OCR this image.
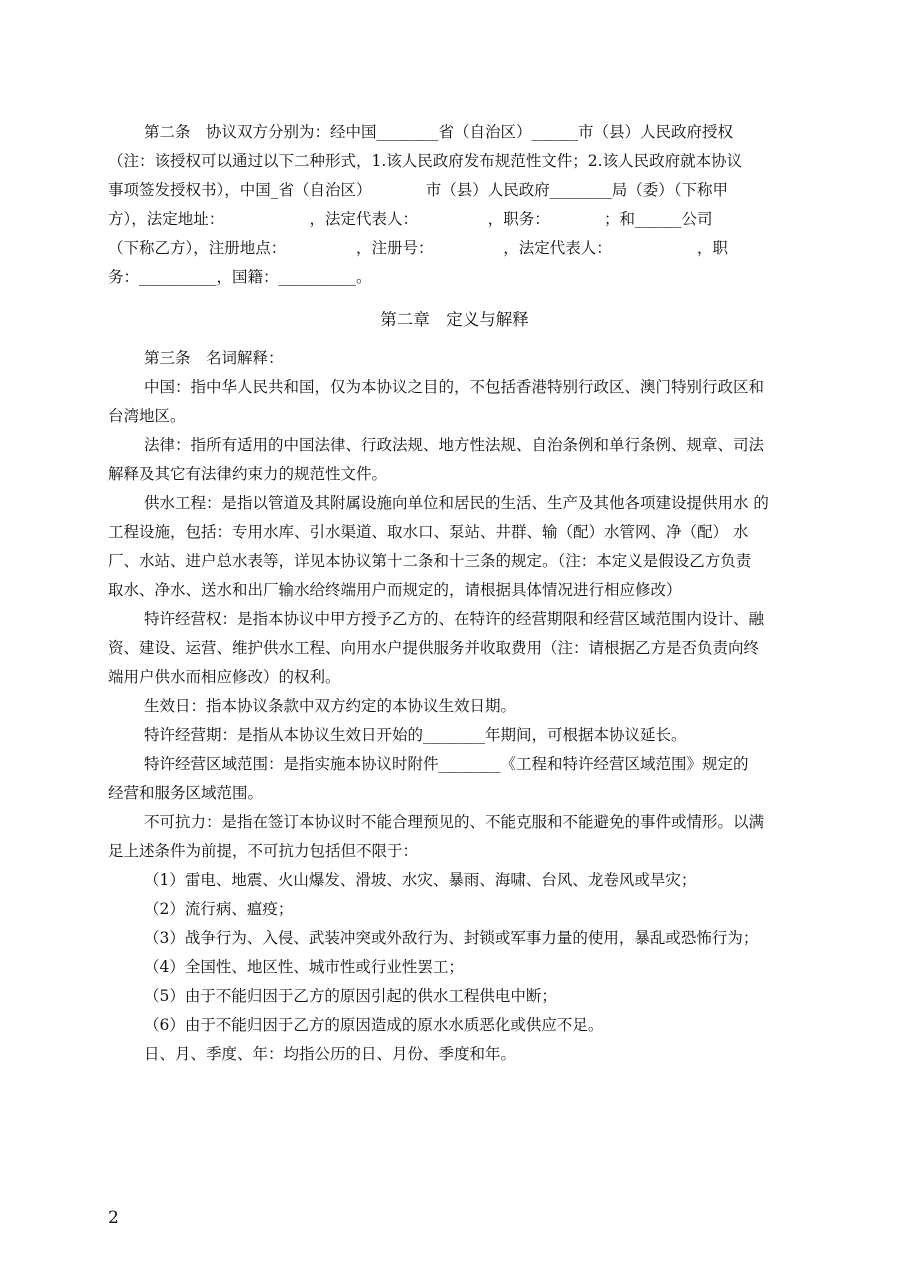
第二条　协议双方分别为：经中国________省（自治区）______市（县）人民政府授权

（注：该授权可以通过以下二种形式，1.该人民政府发布规范性文件；2.该人民政府就本协议

事项签发授权书），中国_省（自治区）　　　　市（县）人民政府________局（委）（下称甲

方），法定地址：　　　　　　，法定代表人：　　　　　，职务：　　　　；和______公司

（下称乙方），注册地点：　　　　　，注册号：　　　　　，法定代表人：　　　　　　，职

务：__________，国籍：__________。

第二章　定义与解释

第三条　名词解释：

中国：指中华人民共和国，仅为本协议之目的，不包括香港特别行政区、澳门特别行政区和

台湾地区。

法律：指所有适用的中国法律、行政法规、地方性法规、自治条例和单行条例、规章、司法

解释及其它有法律约束力的规范性文件。

供水工程：是指以管道及其附属设施向单位和居民的生活、生产及其他各项建设提供用水 的

工程设施，包括：专用水库、引水渠道、取水口、泵站、井群、输（配）水管网、净（配） 水

厂、水站、进户总水表等，详见本协议第十二条和十三条的规定。（注：本定义是假设乙方负责

取水、净水、送水和出厂输水给终端用户而规定的，请根据具体情况进行相应修改）

特许经营权：是指本协议中甲方授予乙方的、在特许的经营期限和经营区域范围内设计、融

资、建设、运营、维护供水工程、向用水户提供服务并收取费用（注：请根据乙方是否负责向终

端用户供水而相应修改）的权利。

生效日：指本协议条款中双方约定的本协议生效日期。

特许经营期：是指从本协议生效日开始的________年期间，可根据本协议延长。

特许经营区域范围：是指实施本协议时附件________《工程和特许经营区域范围》规定的

经营和服务区域范围。

不可抗力：是指在签订本协议时不能合理预见的、不能克服和不能避免的事件或情形。以满

足上述条件为前提，不可抗力包括但不限于：

（1）雷电、地震、火山爆发、滑坡、水灾、暴雨、海啸、台风、龙卷风或旱灾；

（2）流行病、瘟疫；

（3）战争行为、入侵、武装冲突或外敌行为、封锁或军事力量的使用，暴乱或恐怖行为；

（4）全国性、地区性、城市性或行业性罢工；

（5）由于不能归因于乙方的原因引起的供水工程供电中断；

（6）由于不能归因于乙方的原因造成的原水水质恶化或供应不足。

日、月、季度、年：均指公历的日、月份、季度和年。

2
